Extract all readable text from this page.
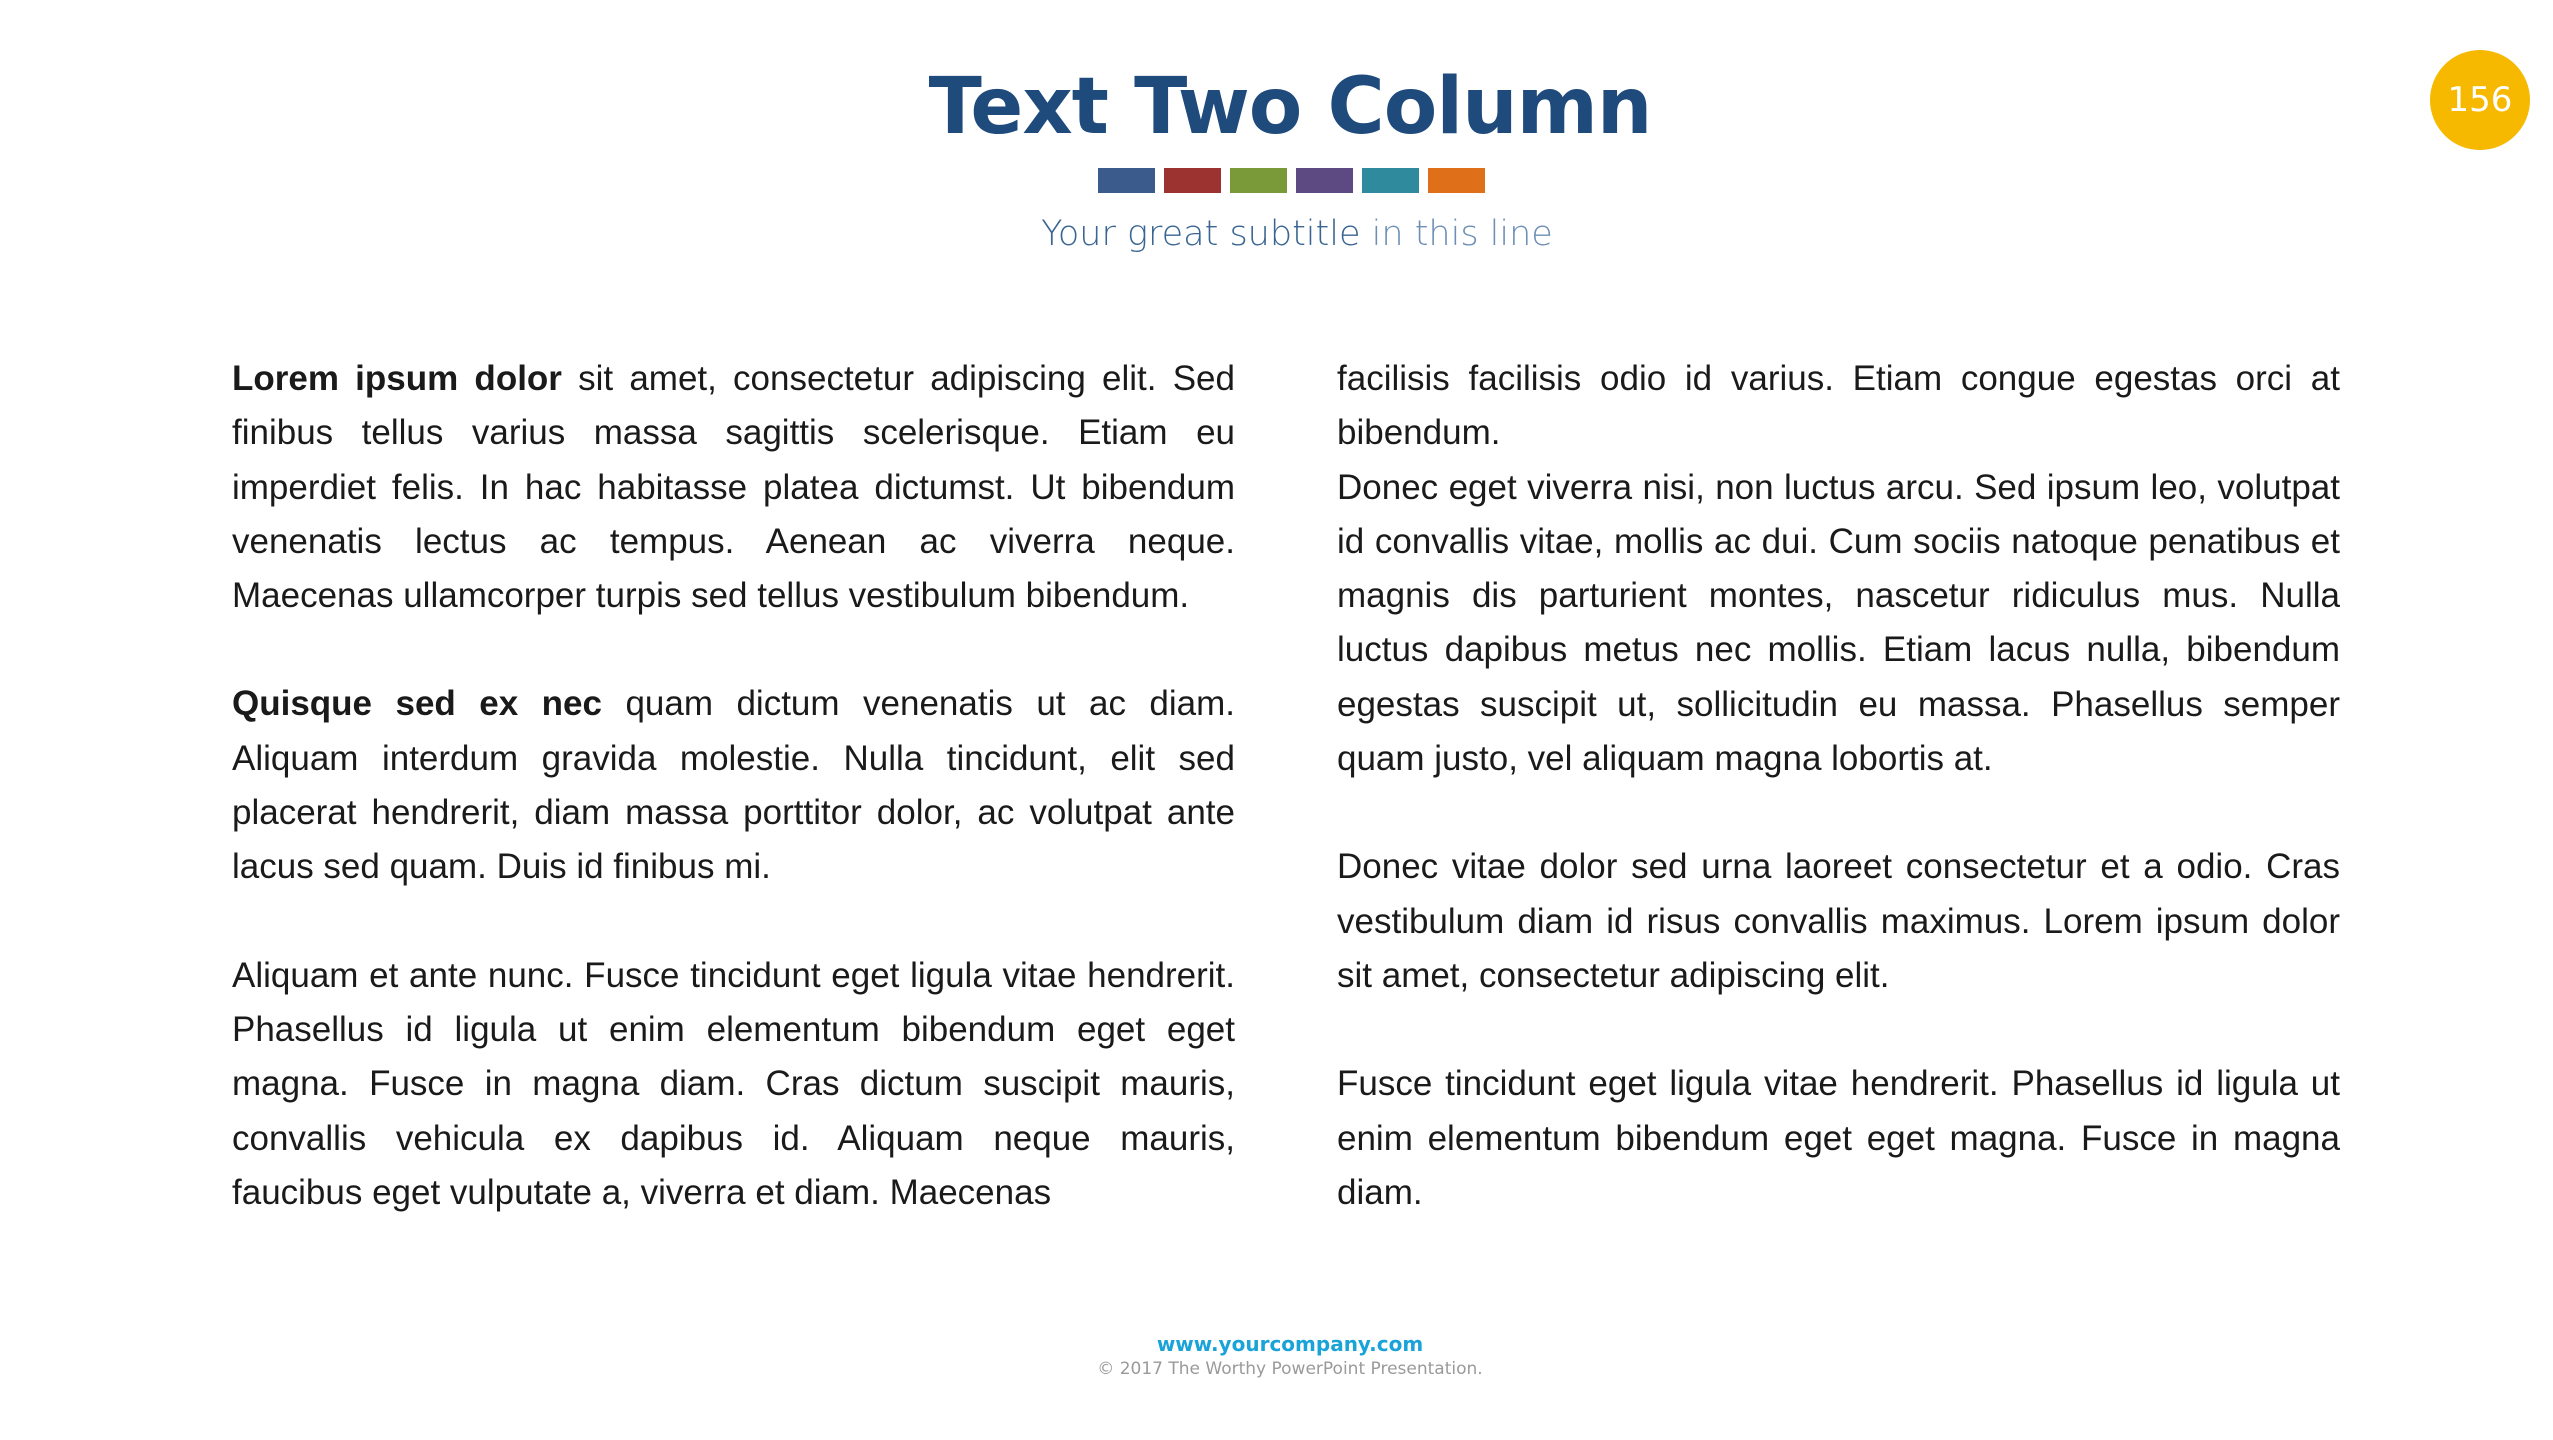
Text Two Column
Your great subtitle in this line
156

Lorem ipsum dolor sit amet, consectetur adipiscing elit. Sed finibus tellus varius massa sagittis scelerisque. Etiam eu imperdiet felis. In hac habitasse platea dictumst. Ut bibendum venenatis lectus ac tempus. Aenean ac viverra neque. Maecenas ullamcorper turpis sed tellus vestibulum bibendum.

Quisque sed ex nec quam dictum venenatis ut ac diam. Aliquam interdum gravida molestie. Nulla tincidunt, elit sed placerat hendrerit, diam massa porttitor dolor, ac volutpat ante lacus sed quam. Duis id finibus mi.

Aliquam et ante nunc. Fusce tincidunt eget ligula vitae hendrerit. Phasellus id ligula ut enim elementum bibendum eget eget magna. Fusce in magna diam. Cras dictum suscipit mauris, convallis vehicula ex dapibus id. Aliquam neque mauris, faucibus eget vulputate a, viverra et diam. Maecenas

facilisis facilisis odio id varius. Etiam congue egestas orci at bibendum.

Donec eget viverra nisi, non luctus arcu. Sed ipsum leo, volutpat id convallis vitae, mollis ac dui. Cum sociis natoque penatibus et magnis dis parturient montes, nascetur ridiculus mus. Nulla luctus dapibus metus nec mollis. Etiam lacus nulla, bibendum egestas suscipit ut, sollicitudin eu massa. Phasellus semper quam justo, vel aliquam magna lobortis at.

Donec vitae dolor sed urna laoreet consectetur et a odio. Cras vestibulum diam id risus convallis maximus. Lorem ipsum dolor sit amet, consectetur adipiscing elit.

Fusce tincidunt eget ligula vitae hendrerit. Phasellus id ligula ut enim elementum bibendum eget eget magna. Fusce in magna diam.

www.yourcompany.com
© 2017 The Worthy PowerPoint Presentation.
